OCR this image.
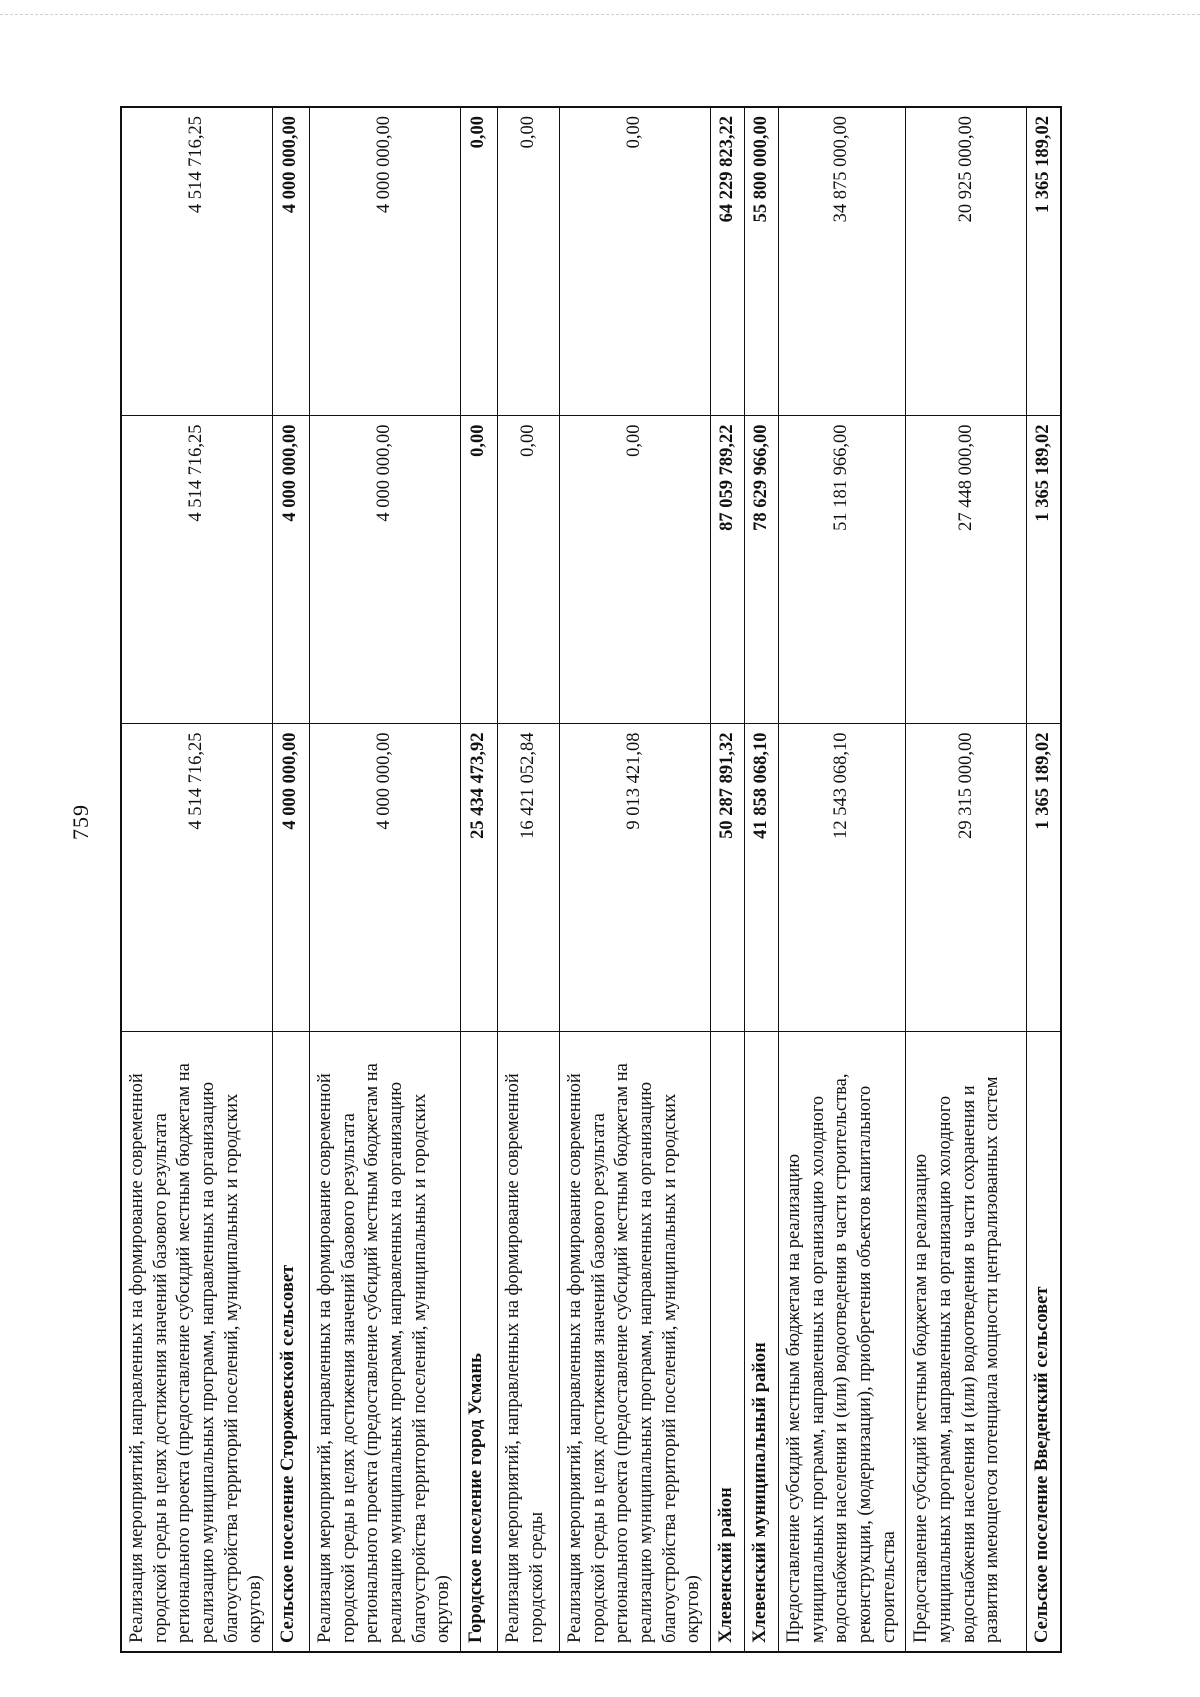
759
Реализация мероприятий, направленных на формирование современной городской среды в целях достижения значений базового результата регионального проекта (предоставление субсидий местным бюджетам на реализацию муниципальных программ, направленных на организацию благоустройства территорий поселений, муниципальных и городских округов)	4 514 716,25	4 514 716,25	4 514 716,25
Сельское поселение Сторожевской сельсовет	4 000 000,00	4 000 000,00	4 000 000,00
Реализация мероприятий, направленных на формирование современной городской среды в целях достижения значений базового результата регионального проекта (предоставление субсидий местным бюджетам на реализацию муниципальных программ, направленных на организацию благоустройства территорий поселений, муниципальных и городских округов)	4 000 000,00	4 000 000,00	4 000 000,00
Городское поселение город Усмань	25 434 473,92	0,00	0,00
Реализация мероприятий, направленных на формирование современной городской среды	16 421 052,84	0,00	0,00
Реализация мероприятий, направленных на формирование современной городской среды в целях достижения значений базового результата регионального проекта (предоставление субсидий местным бюджетам на реализацию муниципальных программ, направленных на организацию благоустройства территорий поселений, муниципальных и городских округов)	9 013 421,08	0,00	0,00
Хлевенский район	50 287 891,32	87 059 789,22	64 229 823,22
Хлевенский муниципальный район	41 858 068,10	78 629 966,00	55 800 000,00
Предоставление субсидий местным бюджетам на реализацию муниципальных программ, направленных на организацию холодного водоснабжения населения и (или) водоотведения в части строительства, реконструкции, (модернизации), приобретения объектов капитального строительства	12 543 068,10	51 181 966,00	34 875 000,00
Предоставление субсидий местным бюджетам на реализацию муниципальных программ, направленных на организацию холодного водоснабжения населения и (или) водоотведения в части сохранения и развития имеющегося потенциала мощности централизованных систем	29 315 000,00	27 448 000,00	20 925 000,00
Сельское поселение Введенский сельсовет	1 365 189,02	1 365 189,02	1 365 189,02
